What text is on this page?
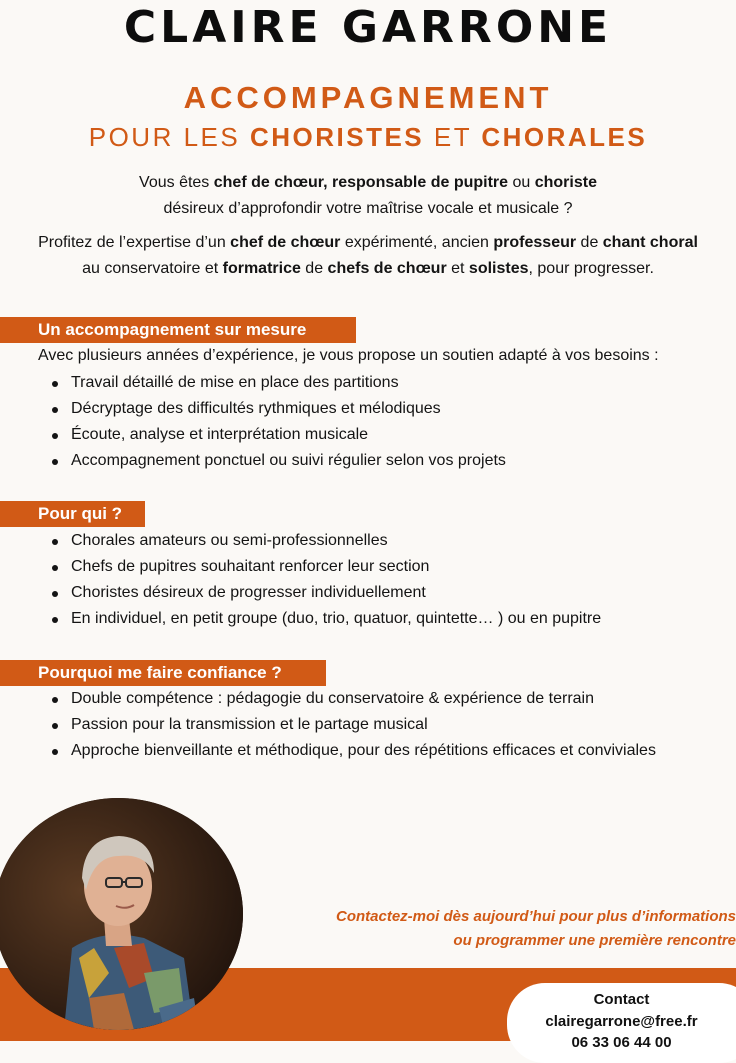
CLAIRE GARRONE
ACCOMPAGNEMENT
POUR LES CHORISTES ET CHORALES
Vous êtes chef de chœur, responsable de pupitre ou choriste
désireux d’approfondir votre maîtrise vocale et musicale ?
Profitez de l’expertise d’un chef de chœur expérimenté, ancien professeur de chant choral
au conservatoire et formatrice de chefs de chœur et solistes, pour progresser.
Un accompagnement sur mesure
Avec plusieurs années d’expérience, je vous propose un soutien adapté à vos besoins :
Travail détaillé de mise en place des partitions
Décryptage des difficultés rythmiques et mélodiques
Écoute, analyse et interprétation musicale
Accompagnement ponctuel ou suivi régulier selon vos projets
Pour qui ?
Chorales amateurs ou semi-professionnelles
Chefs de pupitres souhaitant renforcer leur section
Choristes désireux de progresser individuellement
En individuel, en petit groupe (duo, trio, quatuor, quintette… ) ou en pupitre
Pourquoi me faire confiance ?
Double compétence : pédagogie du conservatoire & expérience de terrain
Passion pour la transmission et le partage musical
Approche bienveillante et méthodique, pour des répétitions efficaces et conviviales
Contactez-moi dès aujourd’hui pour plus d’informations
ou programmer une première rencontre
Contact
clairegarrone@free.fr
06 33 06 44 00
